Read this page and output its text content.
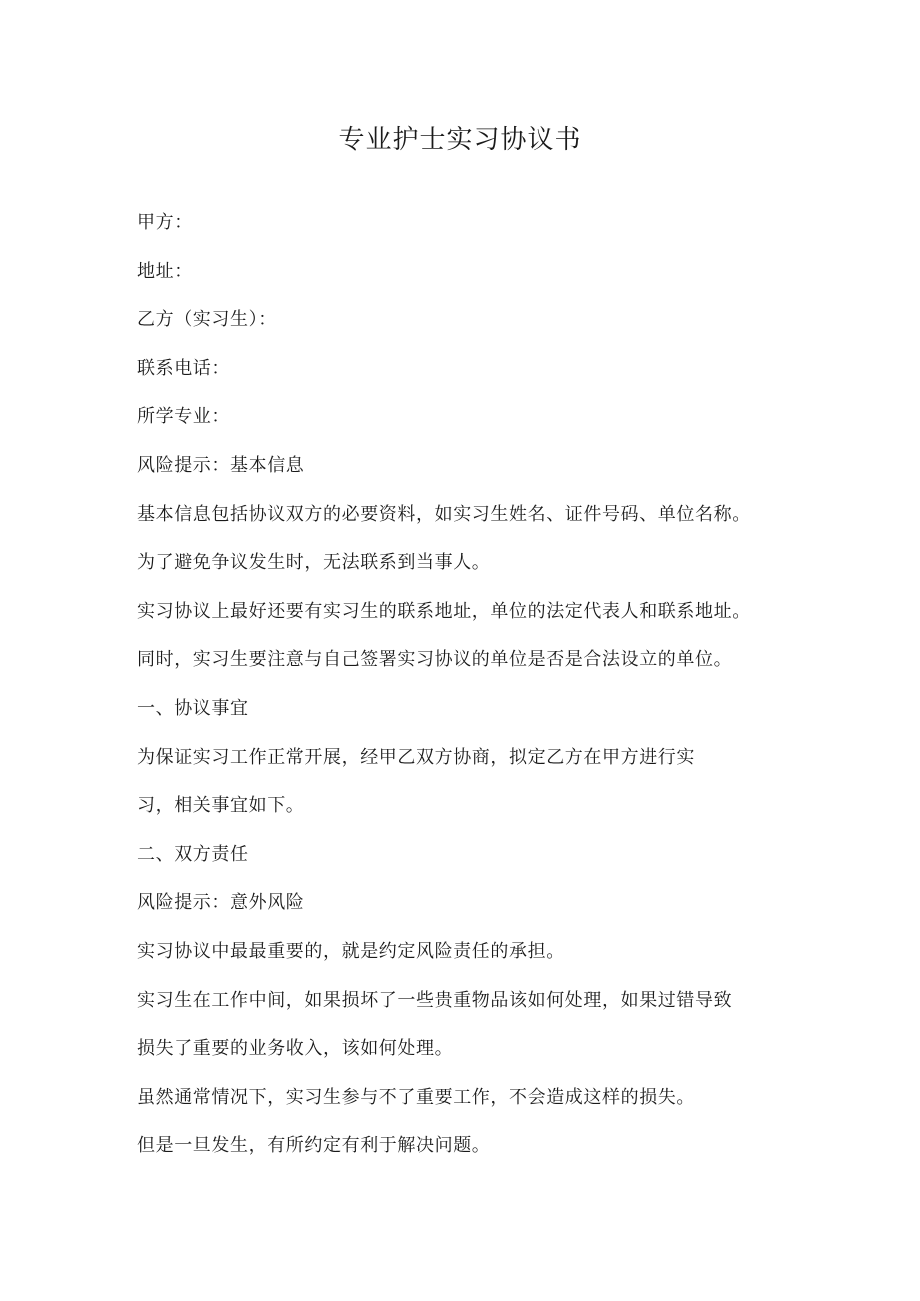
专业护士实习协议书

甲方：

地址：

乙方（实习生）：

联系电话：

所学专业：

风险提示：基本信息

基本信息包括协议双方的必要资料，如实习生姓名、证件号码、单位名称。

为了避免争议发生时，无法联系到当事人。

实习协议上最好还要有实习生的联系地址，单位的法定代表人和联系地址。

同时，实习生要注意与自己签署实习协议的单位是否是合法设立的单位。

一、协议事宜

为保证实习工作正常开展，经甲乙双方协商，拟定乙方在甲方进行实

习，相关事宜如下。

二、双方责任

风险提示：意外风险

实习协议中最最重要的，就是约定风险责任的承担。

实习生在工作中间，如果损坏了一些贵重物品该如何处理，如果过错导致

损失了重要的业务收入，该如何处理。

虽然通常情况下，实习生参与不了重要工作，不会造成这样的损失。

但是一旦发生，有所约定有利于解决问题。
